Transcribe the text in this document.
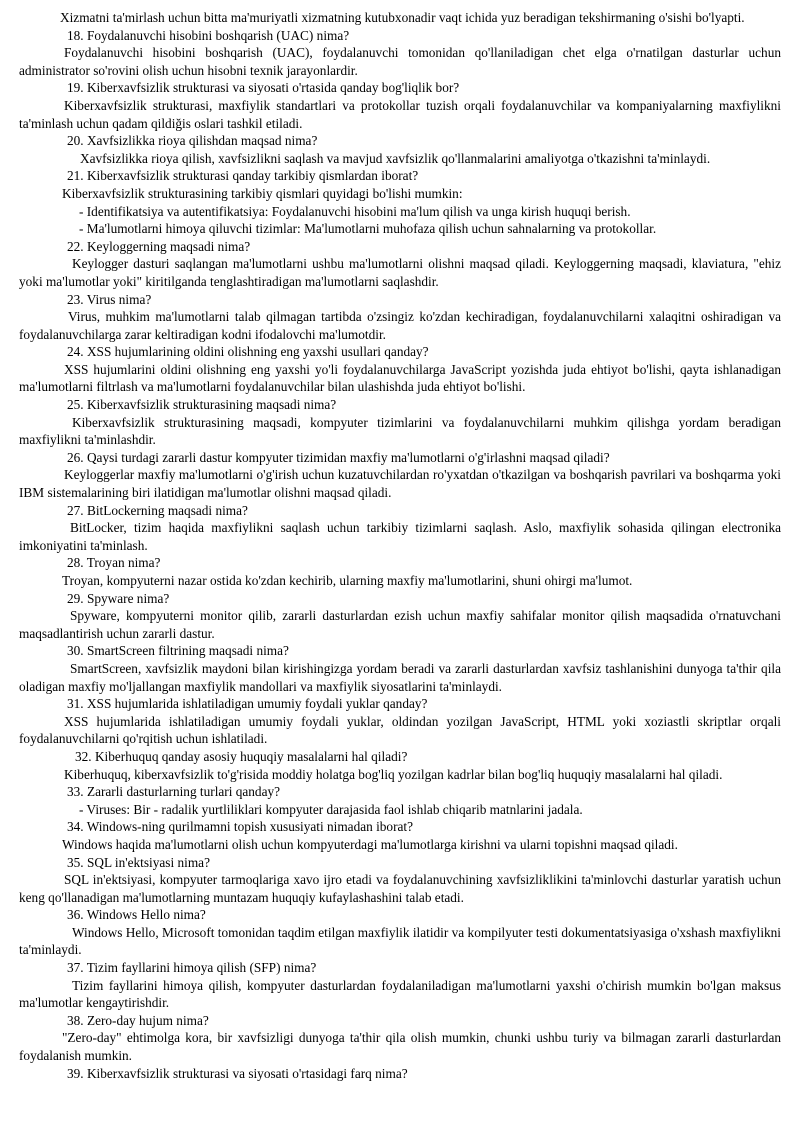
Xizmatni ta'mirlash uchun bitta ma'muriyatli xizmatning kutubxonadir vaqt ichida yuz beradigan tekshirmaning o'sishi bo'lyapti.
18. Foydalanuvchi hisobini boshqarish (UAC) nima?
Foydalanuvchi hisobini boshqarish (UAC), foydalanuvchi tomonidan qo'llaniladigan chet elga o'rnatilgan dasturlar uchun administrator so'rovini olish uchun hisobni texnik jarayonlardir.
19. Kiberxavfsizlik strukturasi va siyosati o'rtasida qanday bog'liqlik bor?
Kiberxavfsizlik strukturasi, maxfiylik standartlari va protokollar tuzish orqali foydalanuvchilar va kompaniyalarning maxfiylikni ta'minlash uchun qadam qildiğis oslari tashkil etiladi.
20. Xavfsizlikka rioya qilishdan maqsad nima?
Xavfsizlikka rioya qilish, xavfsizlikni saqlash va mavjud xavfsizlik qo'llanmalarini amaliyotga o'tkazishni ta'minlaydi.
21. Kiberxavfsizlik strukturasi qanday tarkibiy qismlardan iborat?
Kiberxavfsizlik strukturasining tarkibiy qismlari quyidagi bo'lishi mumkin:
- Identifikatsiya va autentifikatsiya: Foydalanuvchi hisobini ma'lum qilish va unga kirish huquqi berish.
- Ma'lumotlarni himoya qiluvchi tizimlar: Ma'lumotlarni muhofaza qilish uchun sahnalarning va protokollar.
22. Keyloggerning maqsadi nima?
Keylogger dasturi saqlangan ma'lumotlarni ushbu ma'lumotlarni olishni maqsad qiladi. Keyloggerning maqsadi, klaviatura, "ehiz yoki ma'lumotlar yoki" kiritilganda tenglashtiradigan ma'lumotlarni saqlashdir.
23. Virus nima?
Virus, muhkim ma'lumotlarni talab qilmagan tartibda o'zsingiz ko'zdan kechiradigan, foydalanuvchilarni xalaqitni oshiradigan va foydalanuvchilarga zarar keltiradigan kodni ifodalovchi ma'lumotdir.
24. XSS hujumlarining oldini olishning eng yaxshi usullari qanday?
XSS hujumlarini oldini olishning eng yaxshi yo'li foydalanuvchilarga JavaScript yozishda juda ehtiyot bo'lishi, qayta ishlanadigan ma'lumotlarni filtrlash va ma'lumotlarni foydalanuvchilar bilan ulashishda juda ehtiyot bo'lishi.
25. Kiberxavfsizlik strukturasining maqsadi nima?
Kiberxavfsizlik strukturasining maqsadi, kompyuter tizimlarini va foydalanuvchilarni muhkim qilishga yordam beradigan maxfiylikni ta'minlashdir.
26. Qaysi turdagi zararli dastur kompyuter tizimidan maxfiy ma'lumotlarni o'g'irlashni maqsad qiladi?
Keyloggerlar maxfiy ma'lumotlarni o'g'irish uchun kuzatuvchilardan ro'yxatdan o'tkazilgan va boshqarish pavrilari va boshqarma yoki IBM sistemalarining biri ilatidigan ma'lumotlar olishni maqsad qiladi.
27. BitLockerning maqsadi nima?
BitLocker, tizim haqida maxfiylikni saqlash uchun tarkibiy tizimlarni saqlash. Aslo, maxfiylik sohasida qilingan electronika imkoniyatini ta'minlash.
28. Troyan nima?
Troyan, kompyuterni nazar ostida ko'zdan kechirib, ularning maxfiy ma'lumotlarini, shuni ohirgi ma'lumot.
29. Spyware nima?
Spyware, kompyuterni monitor qilib, zararli dasturlardan ezish uchun maxfiy sahifalar monitor qilish maqsadida o'rnatuvchani maqsadlantirish uchun zararli dastur.
30. SmartScreen filtrining maqsadi nima?
SmartScreen, xavfsizlik maydoni bilan kirishingizga yordam beradi va zararli dasturlardan xavfsiz tashlanishini dunyoga ta'thir qila oladigan maxfiy mo'ljallangan maxfiylik mandollari va maxfiylik siyosatlarini ta'minlaydi.
31. XSS hujumlarida ishlatiladigan umumiy foydali yuklar qanday?
XSS hujumlarida ishlatiladigan umumiy foydali yuklar, oldindan yozilgan JavaScript, HTML yoki xoziastli skriptlar orqali foydalanuvchilarni qo'rqitish uchun ishlatiladi.
32. Kiberhuquq qanday asosiy huquqiy masalalarni hal qiladi?
Kiberhuquq, kiberxavfsizlik to'g'risida moddiy holatga bog'liq yozilgan kadrlar bilan bog'liq huquqiy masalalarni hal qiladi.
33. Zararli dasturlarning turlari qanday?
- Viruses: Bir - radalik yurtliliklari kompyuter darajasida faol ishlab chiqarib matnlarini jadala.
34. Windows-ning qurilmamni topish xususiyati nimadan iborat?
Windows haqida ma'lumotlarni olish uchun kompyuterdagi ma'lumotlarga kirishni va ularni topishni maqsad qiladi.
35. SQL in'ektsiyasi nima?
SQL in'ektsiyasi, kompyuter tarmoqlariga xavo ijro etadi va foydalanuvchining xavfsizliklikini ta'minlovchi dasturlar yaratish uchun keng qo'llanadigan ma'lumotlarning muntazam huquqiy kufaylashashini talab etadi.
36. Windows Hello nima?
Windows Hello, Microsoft tomonidan taqdim etilgan maxfiylik ilatidir va kompilyuter testi dokumentatsiyasiga o'xshash maxfiylikni ta'minlaydi.
37. Tizim fayllarini himoya qilish (SFP) nima?
Tizim fayllarini himoya qilish, kompyuter dasturlardan foydalaniladigan ma'lumotlarni yaxshi o'chirish mumkin bo'lgan maksus ma'lumotlar kengaytirishdir.
38. Zero-day hujum nima?
"Zero-day" ehtimolga kora, bir xavfsizligi dunyoga ta'thir qila olish mumkin, chunki ushbu turiy va bilmagan zararli dasturlardan foydalanish mumkin.
39. Kiberxavfsizlik strukturasi va siyosati o'rtasidagi farq nima?
